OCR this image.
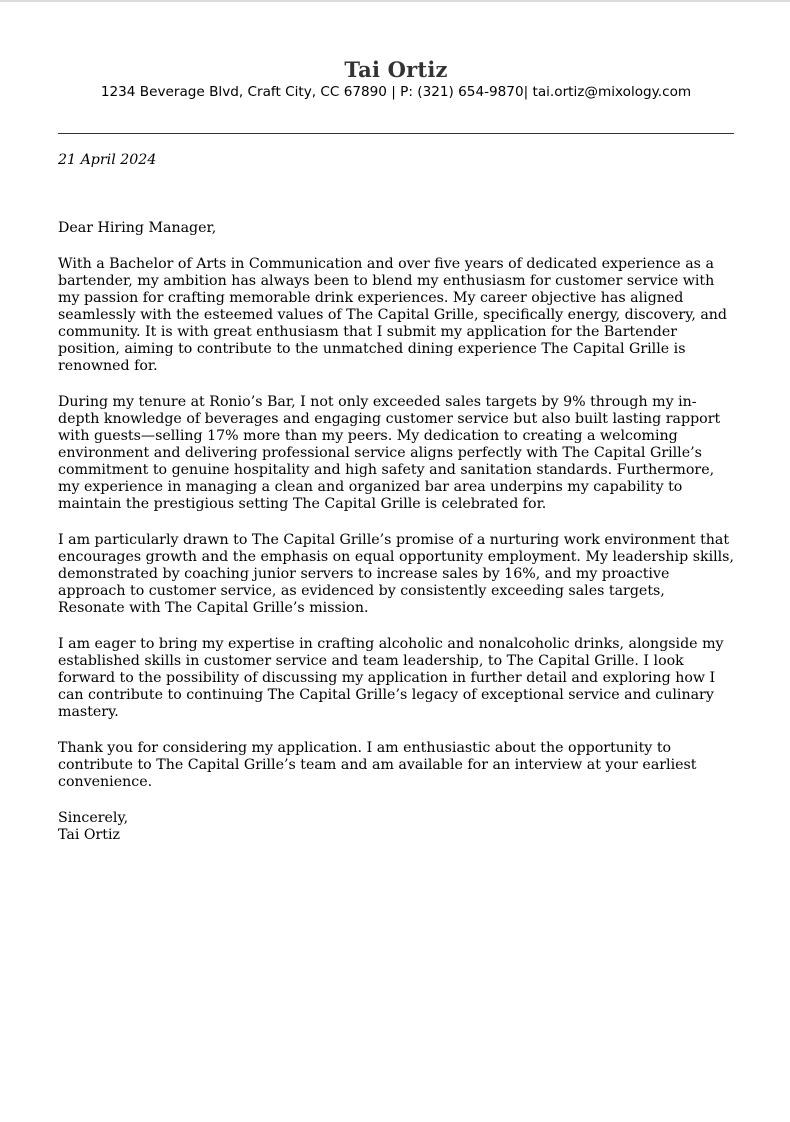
Tai Ortiz
1234 Beverage Blvd, Craft City, CC 67890 | P: (321) 654-9870| tai.ortiz@mixology.com
21 April 2024
Dear Hiring Manager,
With a Bachelor of Arts in Communication and over five years of dedicated experience as a bartender, my ambition has always been to blend my enthusiasm for customer service with my passion for crafting memorable drink experiences. My career objective has aligned seamlessly with the esteemed values of The Capital Grille, specifically energy, discovery, and community. It is with great enthusiasm that I submit my application for the Bartender position, aiming to contribute to the unmatched dining experience The Capital Grille is renowned for.
During my tenure at Ronio’s Bar, I not only exceeded sales targets by 9% through my in-depth knowledge of beverages and engaging customer service but also built lasting rapport with guests—selling 17% more than my peers. My dedication to creating a welcoming environment and delivering professional service aligns perfectly with The Capital Grille’s commitment to genuine hospitality and high safety and sanitation standards. Furthermore, my experience in managing a clean and organized bar area underpins my capability to maintain the prestigious setting The Capital Grille is celebrated for.
I am particularly drawn to The Capital Grille’s promise of a nurturing work environment that encourages growth and the emphasis on equal opportunity employment. My leadership skills, demonstrated by coaching junior servers to increase sales by 16%, and my proactive approach to customer service, as evidenced by consistently exceeding sales targets, Resonate with The Capital Grille’s mission.
I am eager to bring my expertise in crafting alcoholic and nonalcoholic drinks, alongside my established skills in customer service and team leadership, to The Capital Grille. I look forward to the possibility of discussing my application in further detail and exploring how I can contribute to continuing The Capital Grille’s legacy of exceptional service and culinary mastery.
Thank you for considering my application. I am enthusiastic about the opportunity to contribute to The Capital Grille’s team and am available for an interview at your earliest convenience.
Sincerely,
Tai Ortiz
